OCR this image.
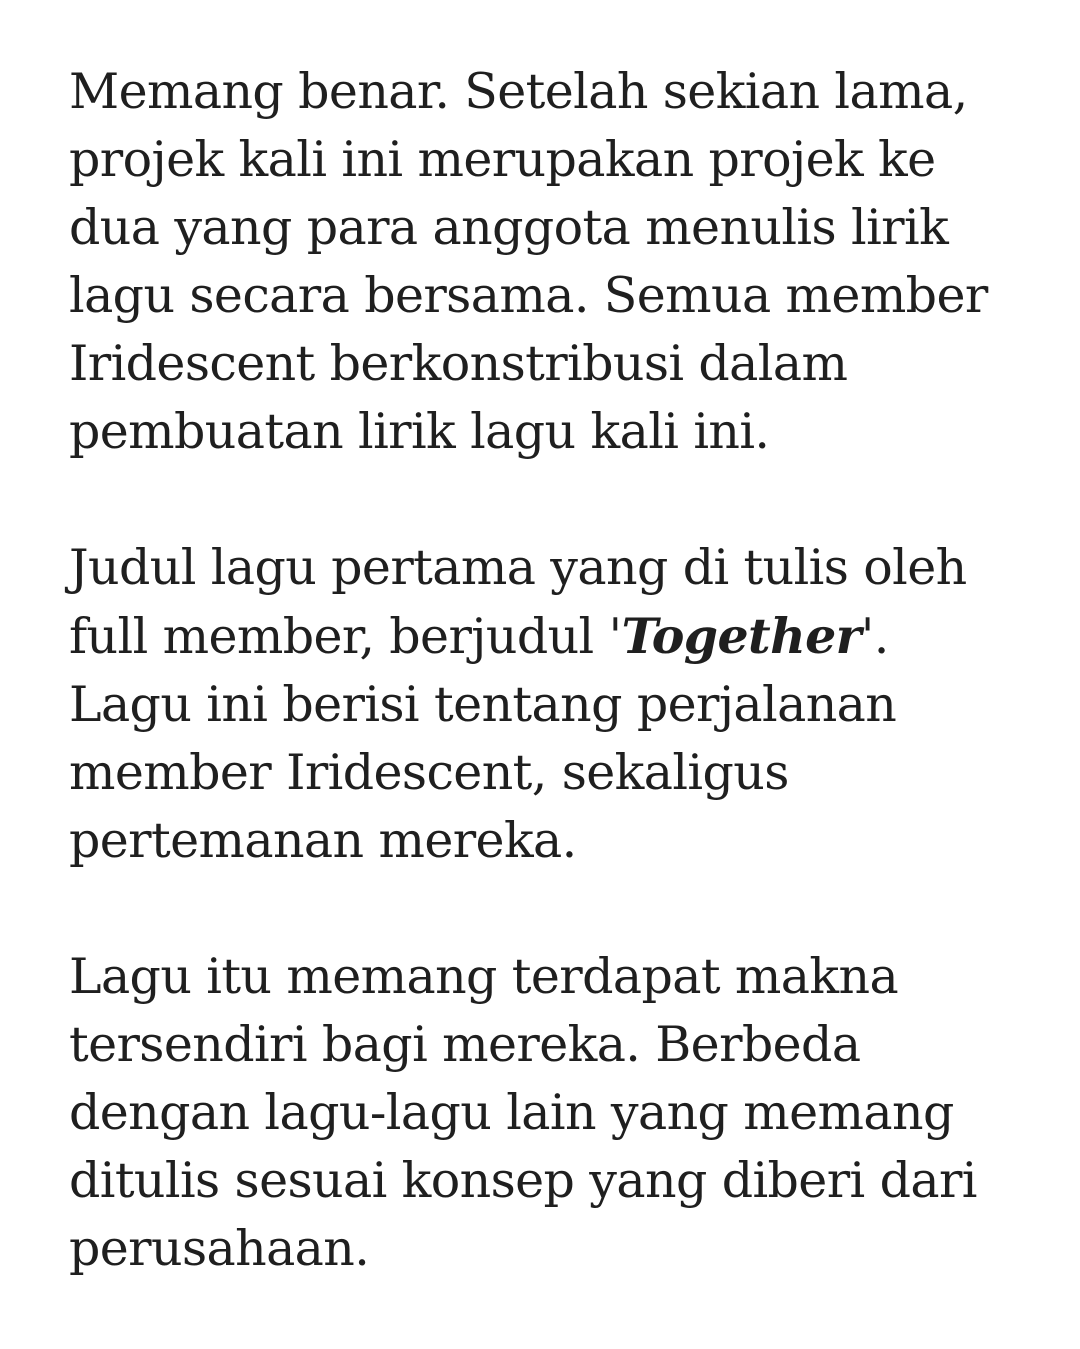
Memang benar. Setelah sekian lama,
projek kali ini merupakan projek ke
dua yang para anggota menulis lirik
lagu secara bersama. Semua member
Iridescent berkonstribusi dalam
pembuatan lirik lagu kali ini.

Judul lagu pertama yang di tulis oleh
full member, berjudul 'Together'.
Lagu ini berisi tentang perjalanan
member Iridescent, sekaligus
pertemanan mereka.

Lagu itu memang terdapat makna
tersendiri bagi mereka. Berbeda
dengan lagu-lagu lain yang memang
ditulis sesuai konsep yang diberi dari
perusahaan.
